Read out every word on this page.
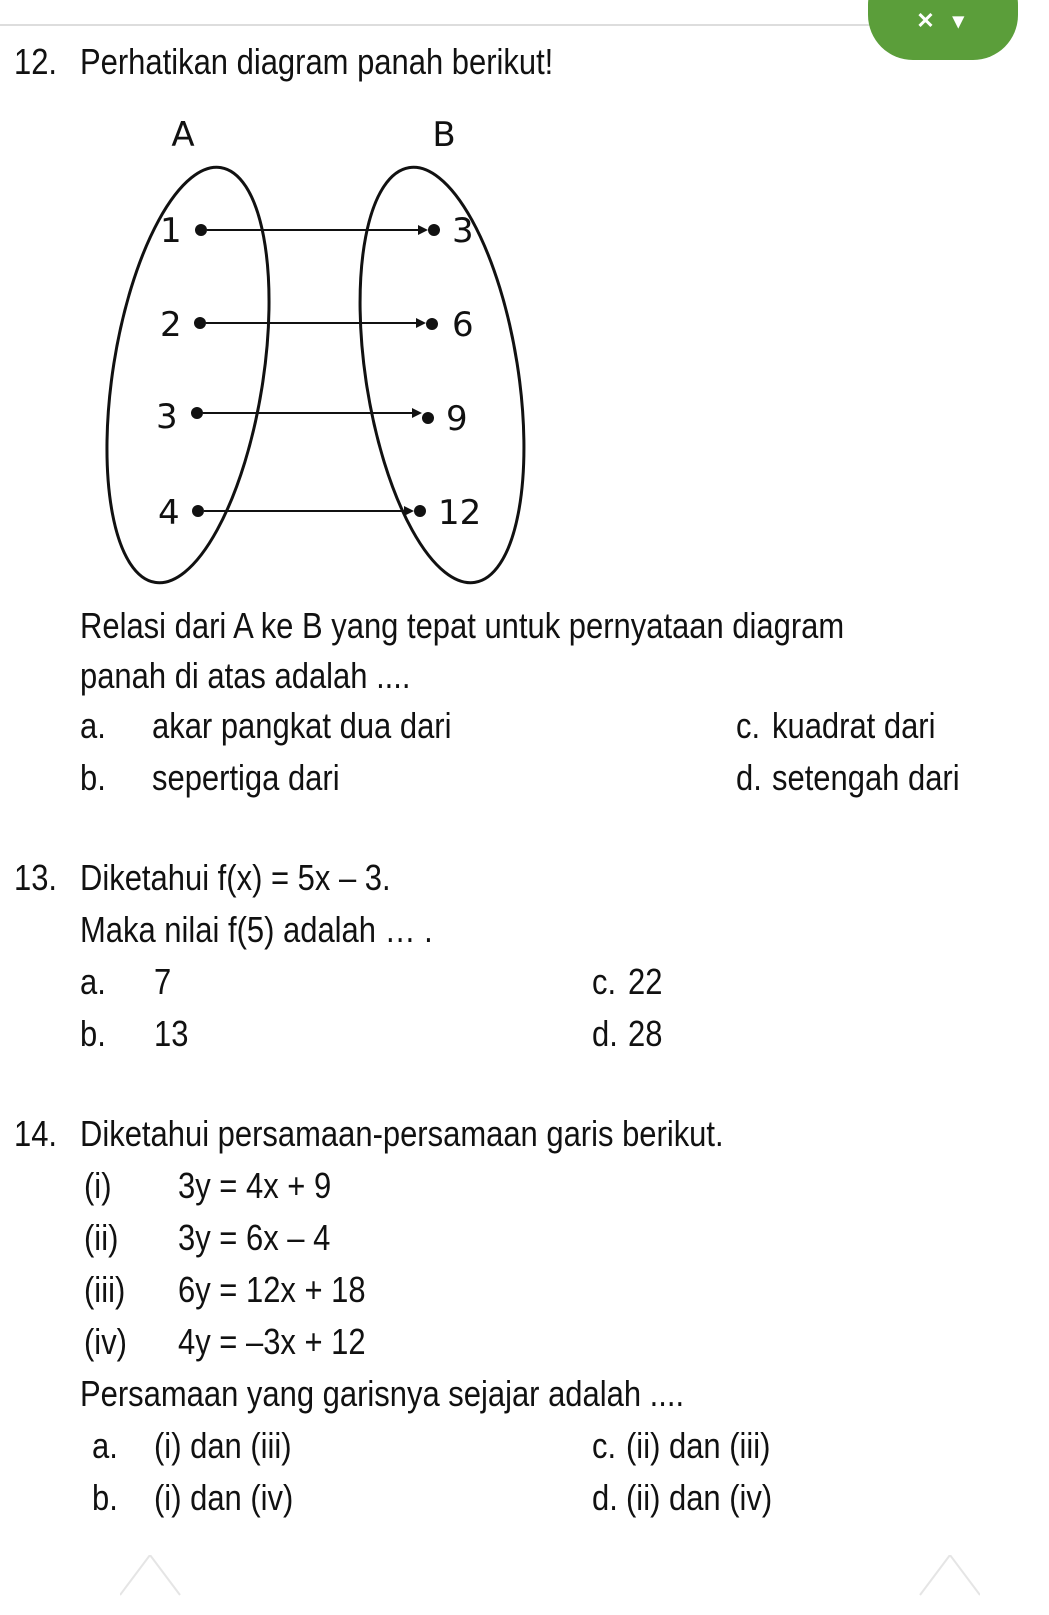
✕ ▾
12. Perhatikan diagram panah berikut!
A	B
1
2
3
4
3
6
9
12
Relasi dari A ke B yang tepat untuk pernyataan diagram
panah di atas adalah ....
a. akar pangkat dua dari
b. sepertiga dari
c. kuadrat dari
d. setengah dari
13. Diketahui f(x) = 5x – 3.
Maka nilai f(5) adalah … .
a. 7
b. 13
c. 22
d. 28
14. Diketahui persamaan-persamaan garis berikut.
(i) 3y = 4x + 9
(ii) 3y = 6x – 4
(iii) 6y = 12x + 18
(iv) 4y = –3x + 12
Persamaan yang garisnya sejajar adalah ....
a. (i) dan (iii)
b. (i) dan (iv)
c. (ii) dan (iii)
d. (ii) dan (iv)
